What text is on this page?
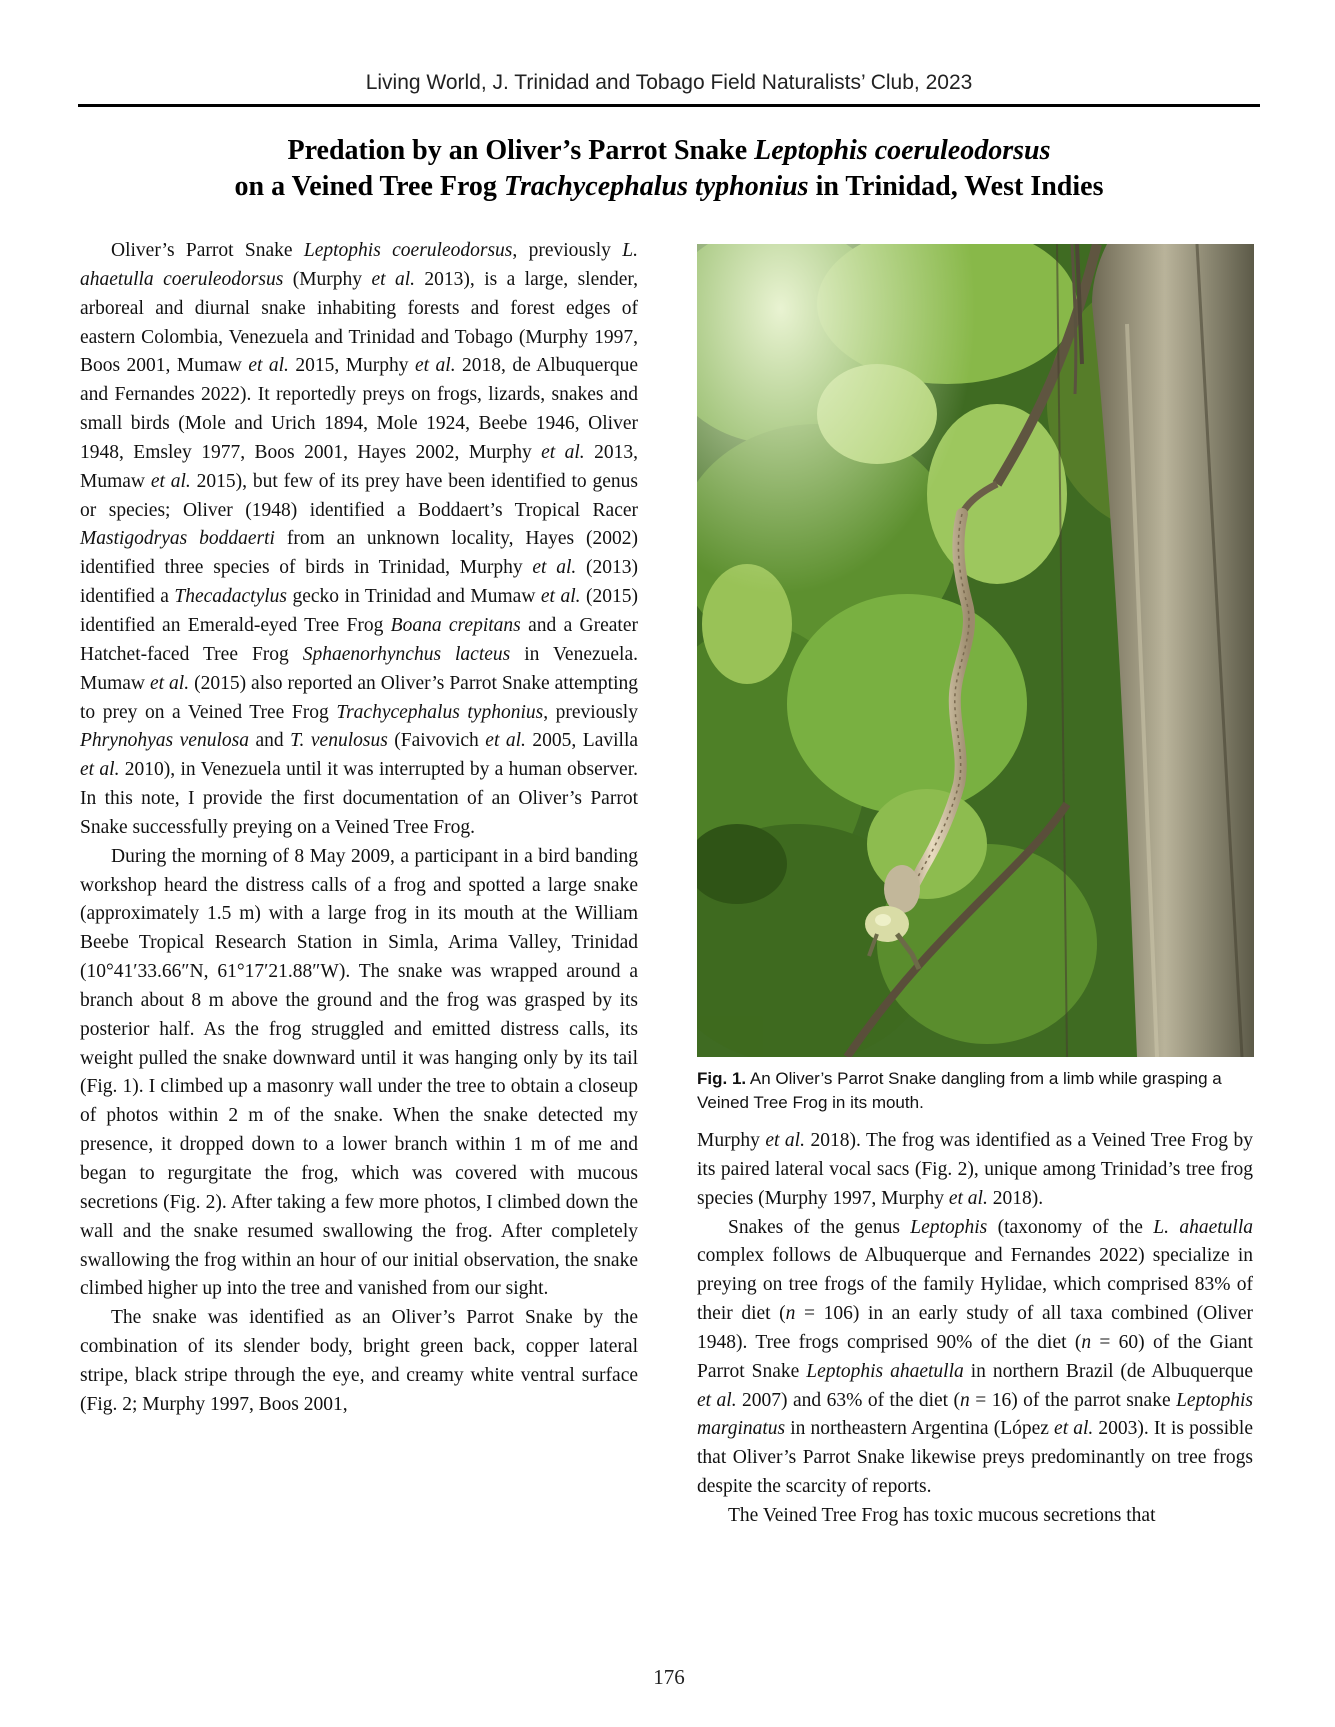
Living World, J. Trinidad and Tobago Field Naturalists’ Club, 2023
Predation by an Oliver’s Parrot Snake Leptophis coeruleodorsus
on a Veined Tree Frog Trachycephalus typhonius in Trinidad, West Indies

Oliver’s Parrot Snake Leptophis coeruleodorsus, previously L. ahaetulla coeruleodorsus (Murphy et al. 2013), is a large, slender, arboreal and diurnal snake inhabiting forests and forest edges of eastern Colombia, Venezuela and Trinidad and Tobago (Murphy 1997, Boos 2001, Mumaw et al. 2015, Murphy et al. 2018, de Albuquerque and Fernandes 2022). It reportedly preys on frogs, lizards, snakes and small birds (Mole and Urich 1894, Mole 1924, Beebe 1946, Oliver 1948, Emsley 1977, Boos 2001, Hayes 2002, Murphy et al. 2013, Mumaw et al. 2015), but few of its prey have been identified to genus or species; Oliver (1948) identified a Boddaert’s Tropical Racer Mastigodryas boddaerti from an unknown locality, Hayes (2002) identified three species of birds in Trinidad, Murphy et al. (2013) identified a Thecadactylus gecko in Trinidad and Mumaw et al. (2015) identified an Emerald-eyed Tree Frog Boana crepitans and a Greater Hatchet-faced Tree Frog Sphaenorhynchus lacteus in Venezuela. Mumaw et al. (2015) also reported an Oliver’s Parrot Snake attempting to prey on a Veined Tree Frog Trachycephalus typhonius, previously Phrynohyas venulosa and T. venulosus (Faivovich et al. 2005, Lavilla et al. 2010), in Venezuela until it was interrupted by a human observer. In this note, I provide the first documentation of an Oliver’s Parrot Snake successfully preying on a Veined Tree Frog.

During the morning of 8 May 2009, a participant in a bird banding workshop heard the distress calls of a frog and spotted a large snake (approximately 1.5 m) with a large frog in its mouth at the William Beebe Tropical Research Station in Simla, Arima Valley, Trinidad (10°41′33.66″N, 61°17′21.88″W). The snake was wrapped around a branch about 8 m above the ground and the frog was grasped by its posterior half. As the frog struggled and emitted distress calls, its weight pulled the snake downward until it was hanging only by its tail (Fig. 1). I climbed up a masonry wall under the tree to obtain a closeup of photos within 2 m of the snake. When the snake detected my presence, it dropped down to a lower branch within 1 m of me and began to regurgitate the frog, which was covered with mucous secretions (Fig. 2). After taking a few more photos, I climbed down the wall and the snake resumed swallowing the frog. After completely swallowing the frog within an hour of our initial observation, the snake climbed higher up into the tree and vanished from our sight.

The snake was identified as an Oliver’s Parrot Snake by the combination of its slender body, bright green back, copper lateral stripe, black stripe through the eye, and creamy white ventral surface (Fig. 2; Murphy 1997, Boos 2001,

Fig. 1. An Oliver’s Parrot Snake dangling from a limb while grasping a Veined Tree Frog in its mouth.

Murphy et al. 2018). The frog was identified as a Veined Tree Frog by its paired lateral vocal sacs (Fig. 2), unique among Trinidad’s tree frog species (Murphy 1997, Murphy et al. 2018).

Snakes of the genus Leptophis (taxonomy of the L. ahaetulla complex follows de Albuquerque and Fernandes 2022) specialize in preying on tree frogs of the family Hylidae, which comprised 83% of their diet (n = 106) in an early study of all taxa combined (Oliver 1948). Tree frogs comprised 90% of the diet (n = 60) of the Giant Parrot Snake Leptophis ahaetulla in northern Brazil (de Albuquerque et al. 2007) and 63% of the diet (n = 16) of the parrot snake Leptophis marginatus in northeastern Argentina (López et al. 2003). It is possible that Oliver’s Parrot Snake likewise preys predominantly on tree frogs despite the scarcity of reports.

The Veined Tree Frog has toxic mucous secretions that

176
